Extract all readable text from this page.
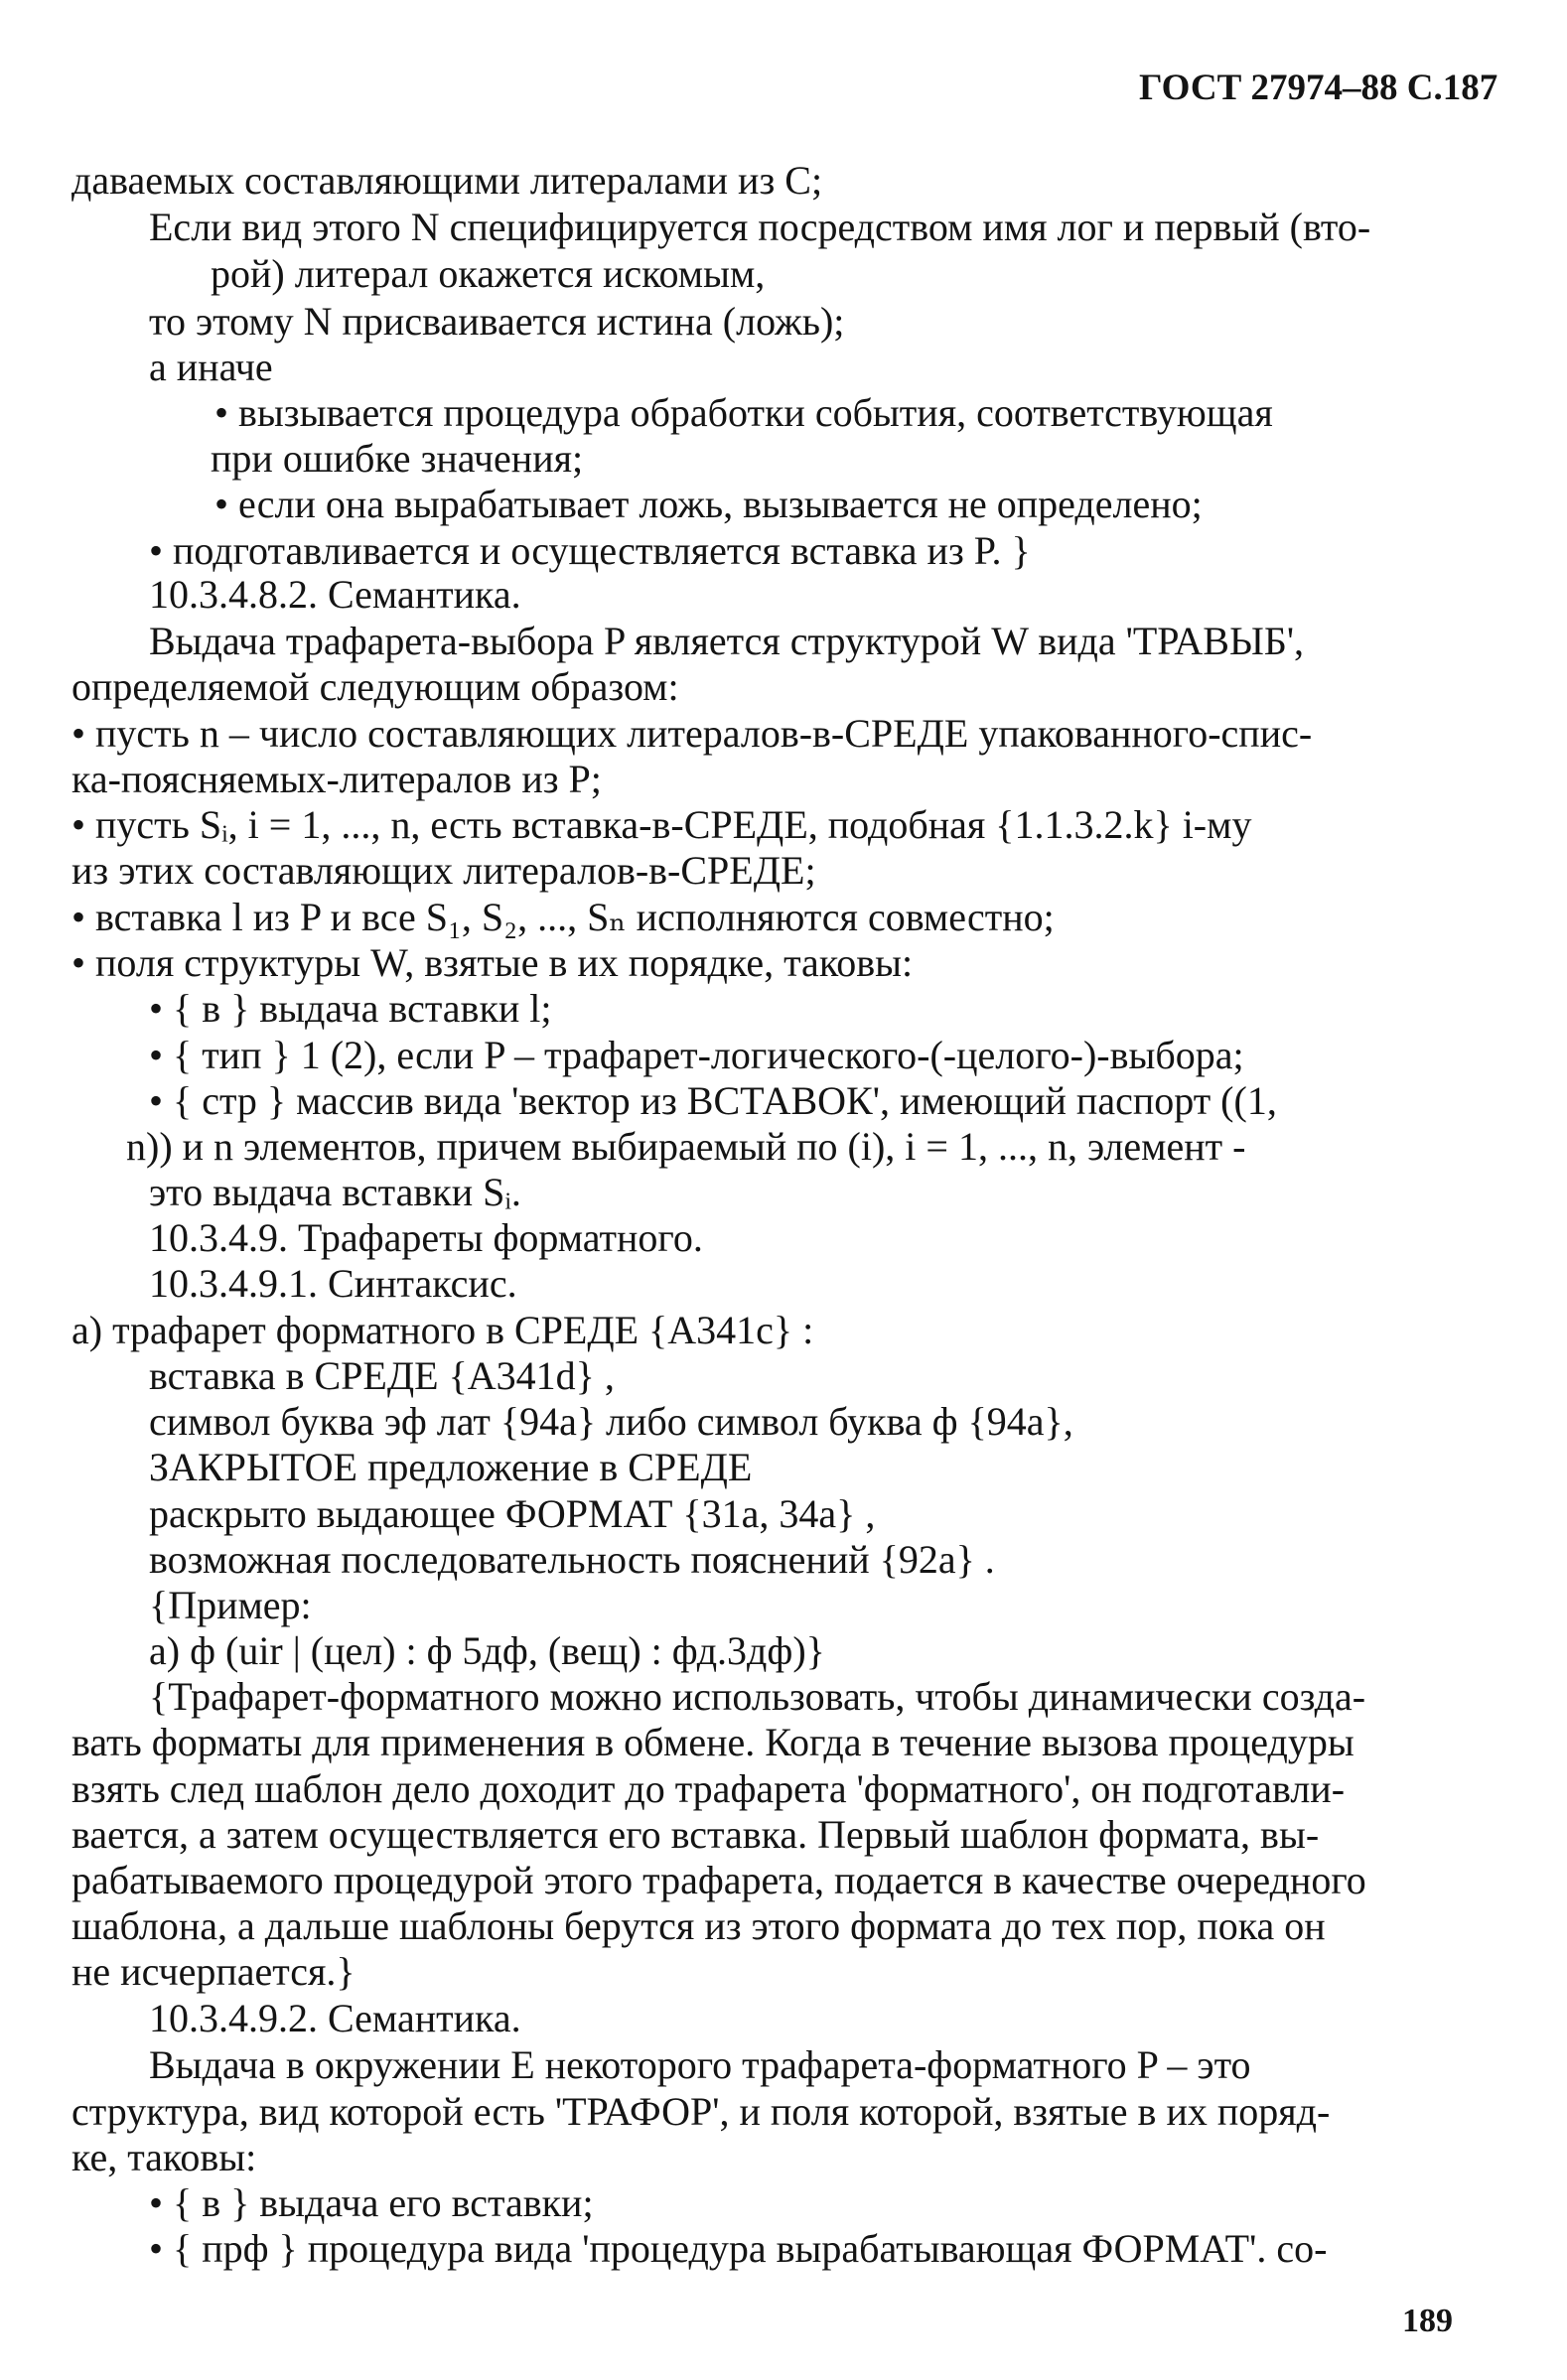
ГОСТ 27974–88 С.187
даваемых составляющими литералами из С;
Если вид этого N специфицируется посредством имя лог и первый (вто-
рой) литерал окажется искомым,
то этому N присваивается истина (ложь);
а иначе
• вызывается процедура обработки события, соответствующая
при ошибке значения;
• если она вырабатывает ложь, вызывается не определено;
• подготавливается и осуществляется вставка из P. }
10.3.4.8.2. Семантика.
Выдача трафарета-выбора P является структурой W вида 'ТРАВЫБ',
определяемой следующим образом:
• пусть n – число составляющих литералов-в-СРЕДЕ упакованного-спис-
ка-поясняемых-литералов из P;
• пусть Sᵢ, i = 1, ..., n, есть вставка-в-СРЕДЕ, подобная {1.1.3.2.k} i-му
из этих составляющих литералов-в-СРЕДЕ;
• вставка l из P и все S₁, S₂, ..., Sₙ исполняются совместно;
• поля структуры W, взятые в их порядке, таковы:
• { в } выдача вставки l;
• { тип } 1 (2), если P – трафарет-логического-(-целого-)-выбора;
• { стр } массив вида 'вектор из ВСТАВОК', имеющий паспорт ((1,
n)) и n элементов, причем выбираемый по (i), i = 1, ..., n, элемент -
это выдача вставки Sᵢ.
10.3.4.9. Трафареты форматного.
10.3.4.9.1. Синтаксис.
а) трафарет форматного в СРЕДЕ {A341c} :
вставка в СРЕДЕ {A341d} ,
символ буква эф лат {94a} либо символ буква ф {94a},
ЗАКРЫТОЕ предложение в СРЕДЕ
раскрыто выдающее ФОРМАТ {31a, 34a} ,
возможная последовательность пояснений {92a} .
{Пример:
а) ф (uir | (цел) : ф 5дф, (вещ) : фд.3дф)}
{Трафарет-форматного можно использовать, чтобы динамически созда-
вать форматы для применения в обмене. Когда в течение вызова процедуры
взять след шаблон дело доходит до трафарета 'форматного', он подготавли-
вается, а затем осуществляется его вставка. Первый шаблон формата, вы-
рабатываемого процедурой этого трафарета, подается в качестве очередного
шаблона, а дальше шаблоны берутся из этого формата до тех пор, пока он
не исчерпается.}
10.3.4.9.2. Семантика.
Выдача в окружении E некоторого трафарета-форматного P – это
структура, вид которой есть 'ТРАФОР', и поля которой, взятые в их поряд-
ке, таковы:
• { в } выдача его вставки;
• { прф } процедура вида 'процедура вырабатывающая ФОРМАТ'. со-
189
